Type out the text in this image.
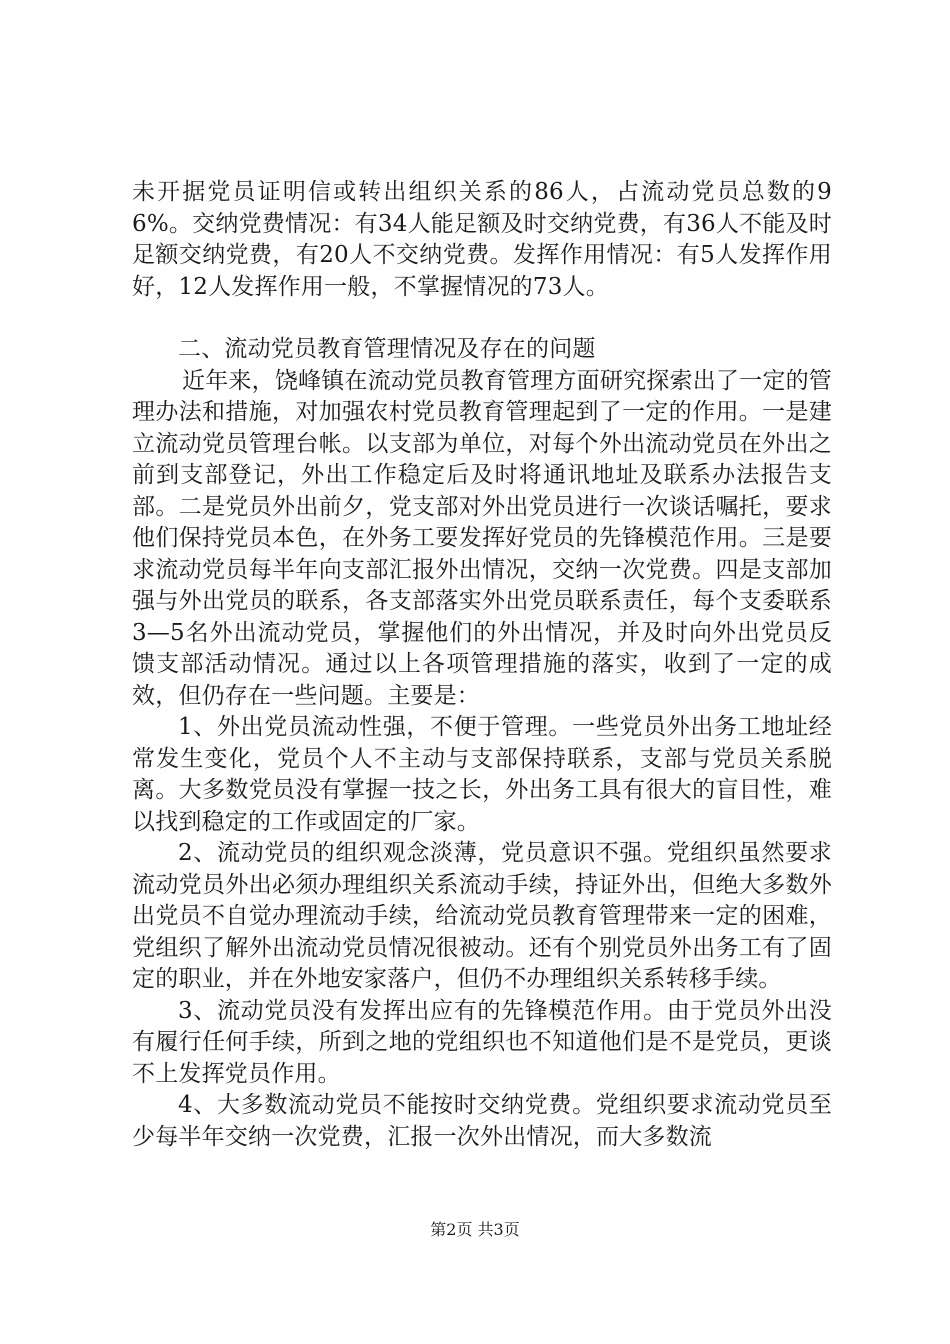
未开据党员证明信或转出组织关系的86人，占流动党员总数的96%。交纳党费情况：有34人能足额及时交纳党费，有36人不能及时足额交纳党费，有20人不交纳党费。发挥作用情况：有5人发挥作用好，12人发挥作用一般，不掌握情况的73人。

二、流动党员教育管理情况及存在的问题

近年来，饶峰镇在流动党员教育管理方面研究探索出了一定的管理办法和措施，对加强农村党员教育管理起到了一定的作用。一是建立流动党员管理台帐。以支部为单位，对每个外出流动党员在外出之前到支部登记，外出工作稳定后及时将通讯地址及联系办法报告支部。二是党员外出前夕，党支部对外出党员进行一次谈话嘱托，要求他们保持党员本色，在外务工要发挥好党员的先锋模范作用。三是要求流动党员每半年向支部汇报外出情况，交纳一次党费。四是支部加强与外出党员的联系，各支部落实外出党员联系责任，每个支委联系3—5名外出流动党员，掌握他们的外出情况，并及时向外出党员反馈支部活动情况。通过以上各项管理措施的落实，收到了一定的成效，但仍存在一些问题。主要是：

1、外出党员流动性强，不便于管理。一些党员外出务工地址经常发生变化，党员个人不主动与支部保持联系，支部与党员关系脱离。大多数党员没有掌握一技之长，外出务工具有很大的盲目性，难以找到稳定的工作或固定的厂家。

2、流动党员的组织观念淡薄，党员意识不强。党组织虽然要求流动党员外出必须办理组织关系流动手续，持证外出，但绝大多数外出党员不自觉办理流动手续，给流动党员教育管理带来一定的困难，党组织了解外出流动党员情况很被动。还有个别党员外出务工有了固定的职业，并在外地安家落户，但仍不办理组织关系转移手续。

3、流动党员没有发挥出应有的先锋模范作用。由于党员外出没有履行任何手续，所到之地的党组织也不知道他们是不是党员，更谈不上发挥党员作用。

4、大多数流动党员不能按时交纳党费。党组织要求流动党员至少每半年交纳一次党费，汇报一次外出情况，而大多数流

第2页 共3页
